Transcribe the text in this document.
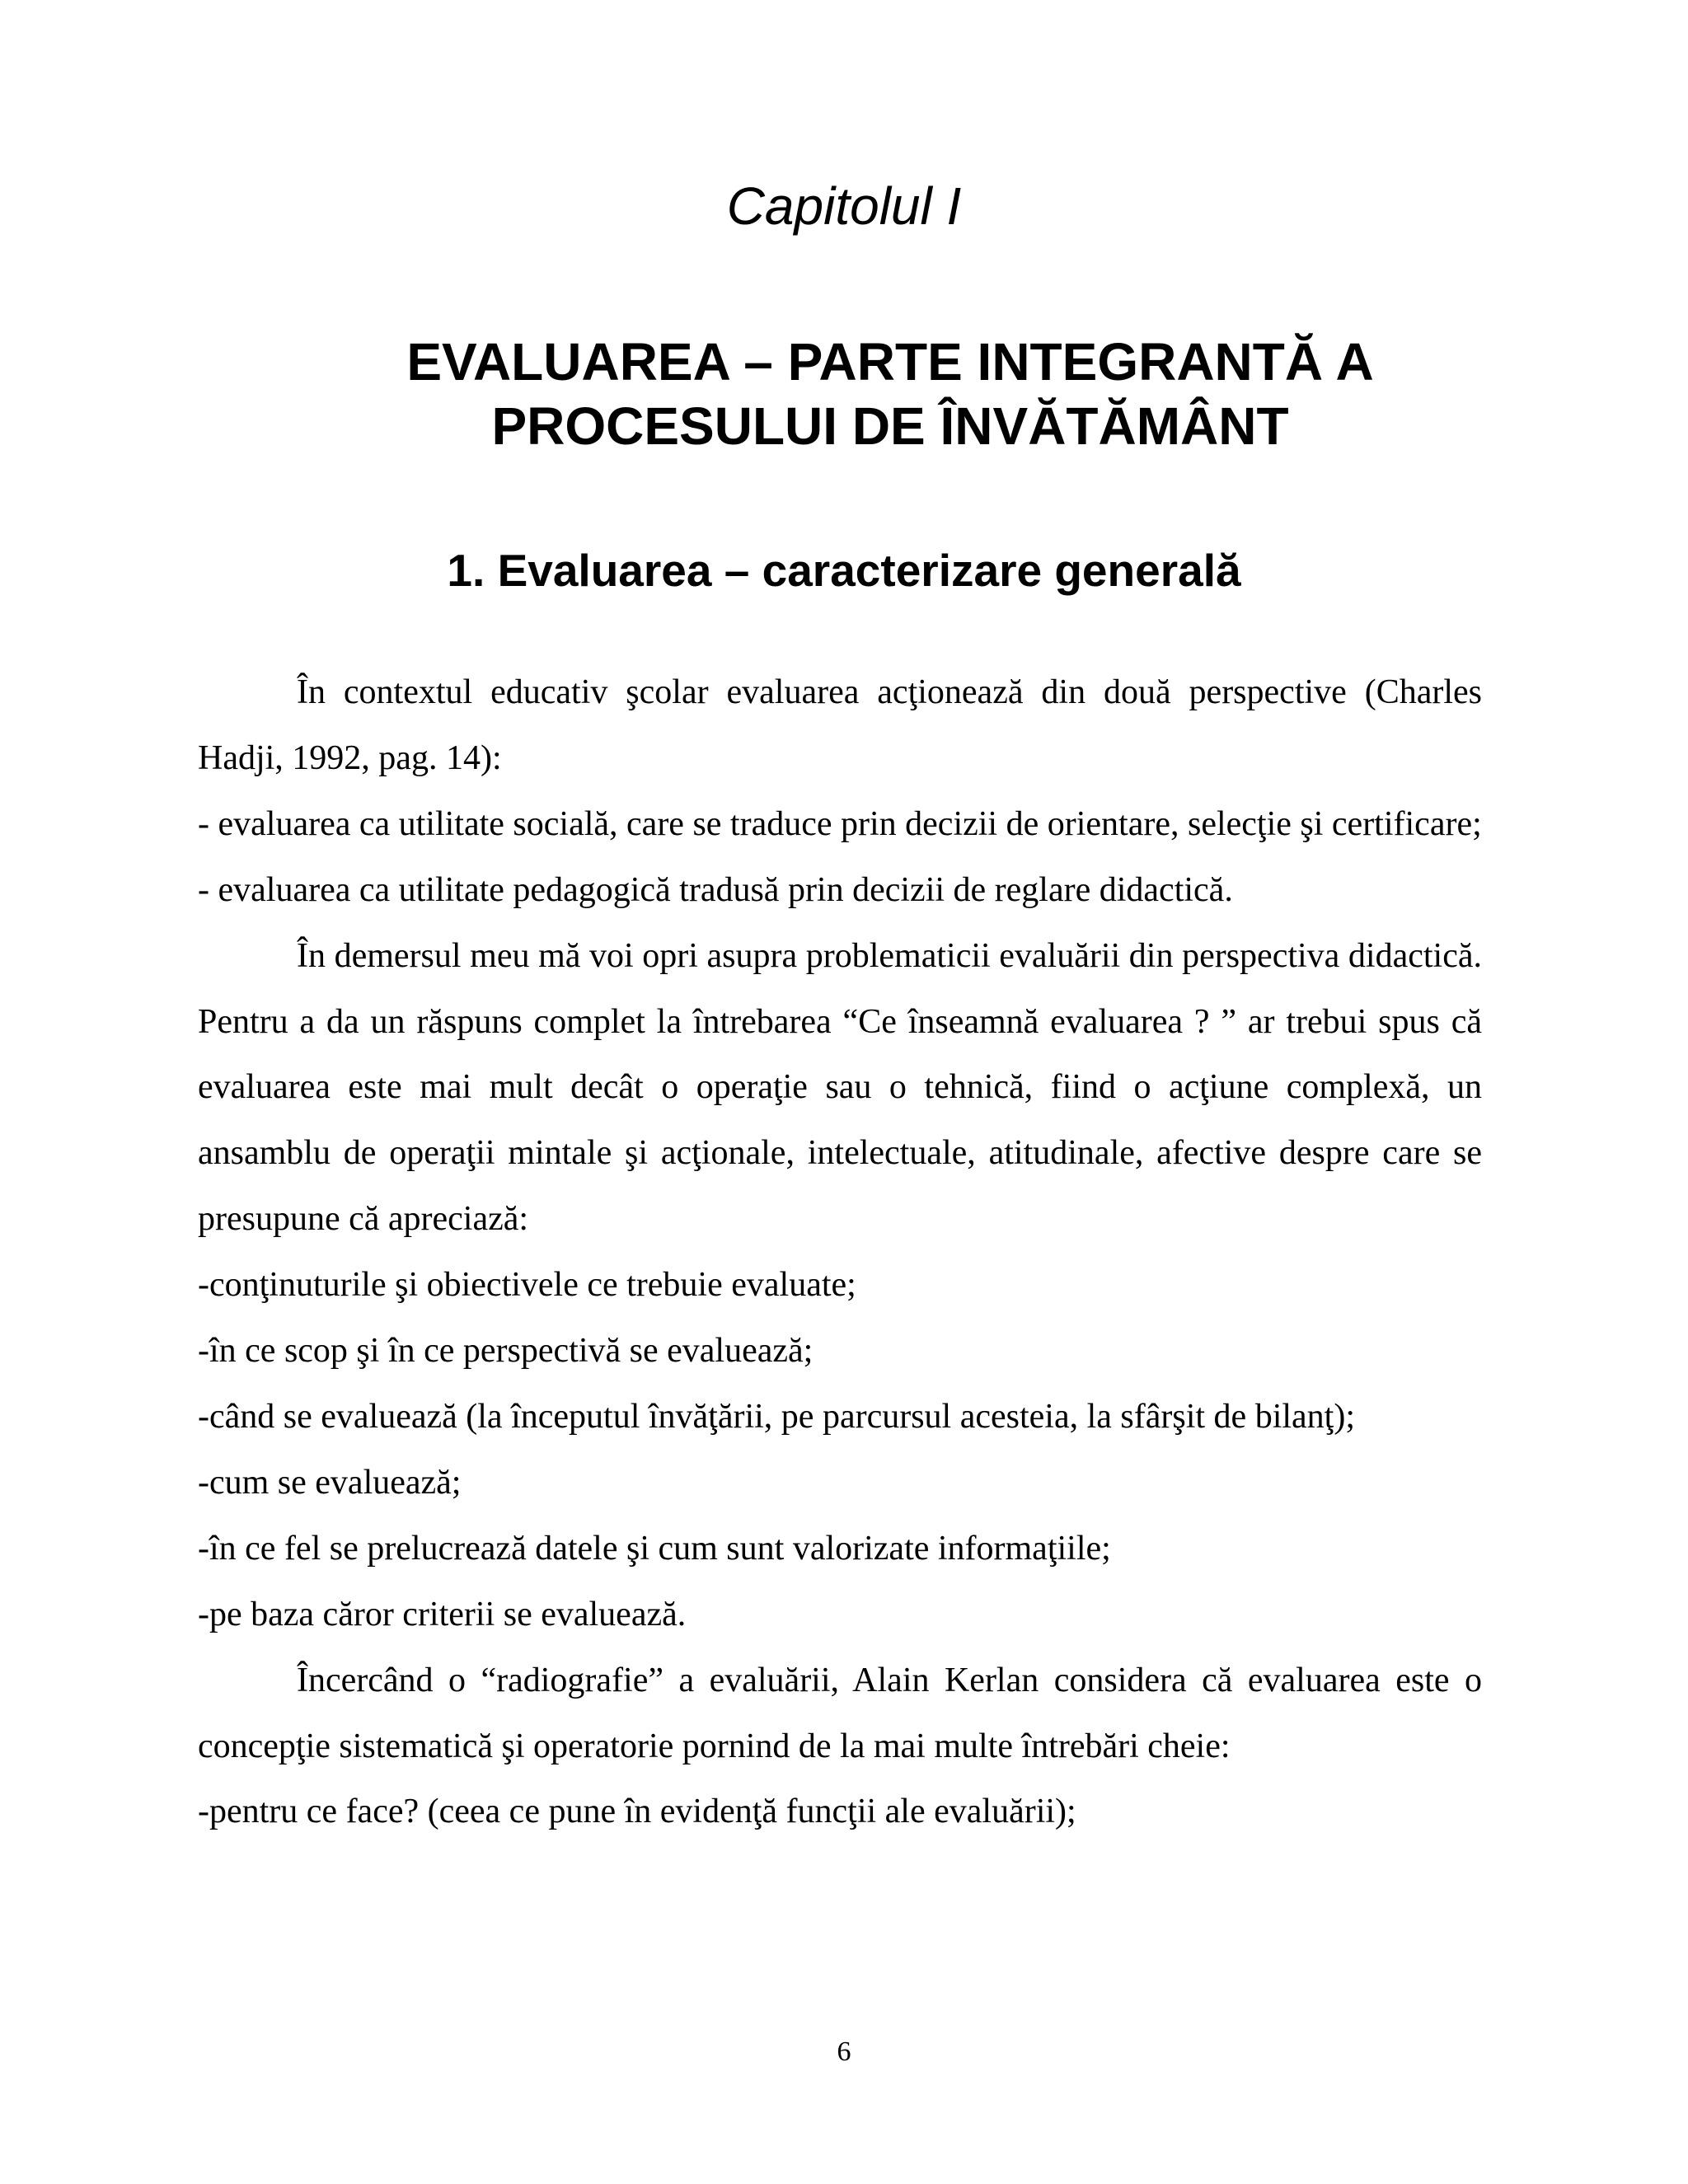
Capitolul I
EVALUAREA – PARTE INTEGRANTĂ A
PROCESULUI DE ÎNVĂTĂMÂNT
1. Evaluarea – caracterizare generală

În contextul educativ şcolar evaluarea acţionează din două perspective (Charles Hadji, 1992, pag. 14):

- evaluarea ca utilitate socială, care se traduce prin decizii de orientare, selecţie şi certificare;

- evaluarea ca utilitate pedagogică tradusă prin decizii de reglare didactică.

În demersul meu mă voi opri asupra problematicii evaluării din perspectiva didactică. Pentru a da un răspuns complet la întrebarea “Ce înseamnă evaluarea ? ” ar trebui spus că evaluarea este mai mult decât o operaţie sau o tehnică, fiind o acţiune complexă, un ansamblu de operaţii mintale şi acţionale, intelectuale, atitudinale, afective despre care se presupune că apreciază:

-conţinuturile şi obiectivele ce trebuie evaluate;

-în ce scop şi în ce perspectivă se evaluează;

-când se evaluează (la începutul învăţării, pe parcursul acesteia, la sfârşit de bilanţ);

-cum se evaluează;

-în ce fel se prelucrează datele şi cum sunt valorizate informaţiile;

-pe baza căror criterii se evaluează.

Încercând o “radiografie” a evaluării, Alain Kerlan considera că evaluarea este o concepţie sistematică şi operatorie pornind de la mai multe întrebări cheie:

-pentru ce face? (ceea ce pune în evidenţă funcţii ale evaluării);

6
